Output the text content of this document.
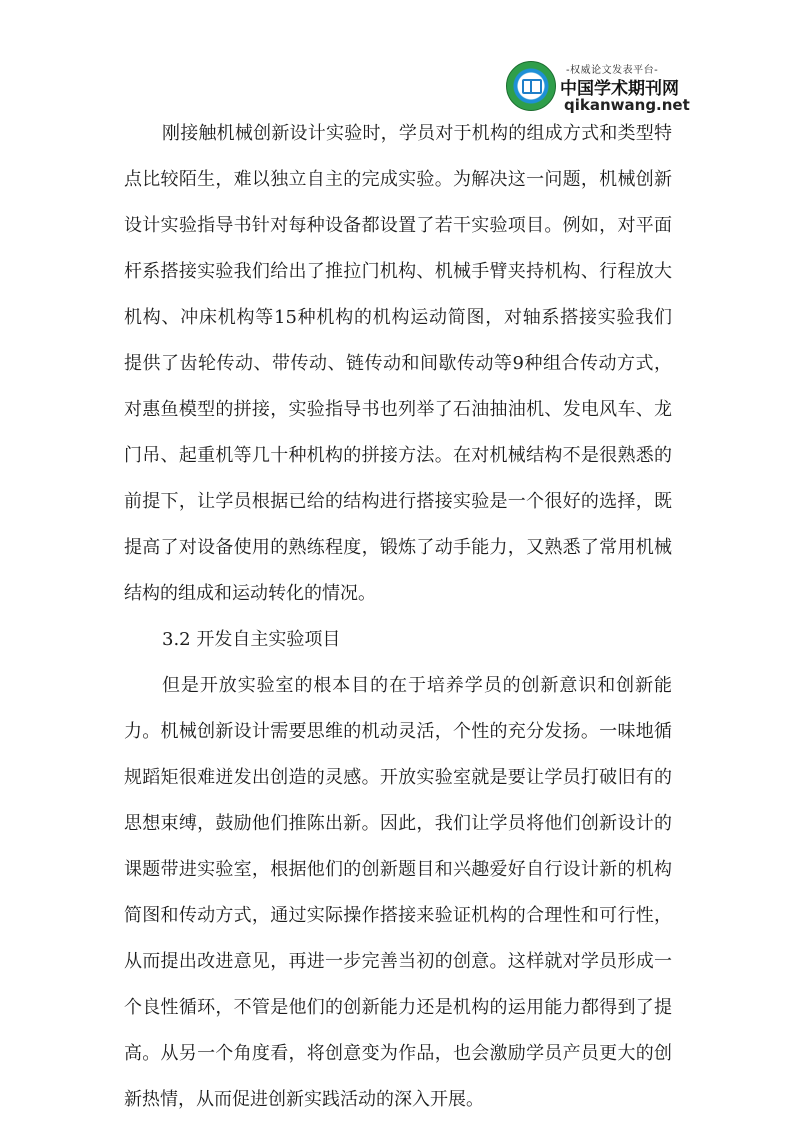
-权威论文发表平台-
中国学术期刊网
qikanwang.net
刚接触机械创新设计实验时，学员对于机构的组成方式和类型特
点比较陌生，难以独立自主的完成实验。为解决这一问题，机械创新
设计实验指导书针对每种设备都设置了若干实验项目。例如，对平面
杆系搭接实验我们给出了推拉门机构、机械手臂夹持机构、行程放大
机构、冲床机构等15种机构的机构运动简图，对轴系搭接实验我们
提供了齿轮传动、带传动、链传动和间歇传动等9种组合传动方式，
对惠鱼模型的拼接，实验指导书也列举了石油抽油机、发电风车、龙
门吊、起重机等几十种机构的拼接方法。在对机械结构不是很熟悉的
前提下，让学员根据已给的结构进行搭接实验是一个很好的选择，既
提高了对设备使用的熟练程度，锻炼了动手能力，又熟悉了常用机械
结构的组成和运动转化的情况。
3.2 开发自主实验项目
但是开放实验室的根本目的在于培养学员的创新意识和创新能
力。机械创新设计需要思维的机动灵活，个性的充分发扬。一味地循
规蹈矩很难迸发出创造的灵感。开放实验室就是要让学员打破旧有的
思想束缚，鼓励他们推陈出新。因此，我们让学员将他们创新设计的
课题带进实验室，根据他们的创新题目和兴趣爱好自行设计新的机构
简图和传动方式，通过实际操作搭接来验证机构的合理性和可行性，
从而提出改进意见，再进一步完善当初的创意。这样就对学员形成一
个良性循环，不管是他们的创新能力还是机构的运用能力都得到了提
高。从另一个角度看，将创意变为作品，也会激励学员产员更大的创
新热情，从而促进创新实践活动的深入开展。
